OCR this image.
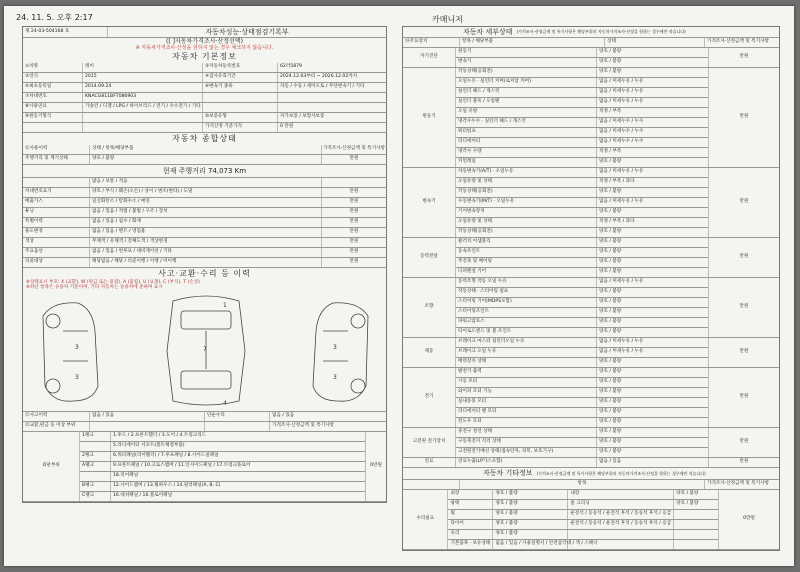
24. 11. 5. 오후 2:17	카매니저
제 24-03-504168 호	자동차성능·상태점검기록부
([ ]자동차가격조사·산정선택)
※ 자동차가격조사·산정을 원하지 않는 경우 체크하지 않습니다.
자동차 기본정보
①차명	레이	②자동차등록번호	62러5879
③연식	2015	④검사유효기간	2024.12.03부터 ~ 2026.12.02까지
⑤최초등록일	2014.09.24	⑥변속기 종류	자동 / 수동 / 세미오토 / 무단변속기 / 기타
⑦차대번호	KNACG811BFT086903
⑧사용연료	가솔린 / 디젤 / LPG / 하이브리드 / 전기 / 수소전기 / 기타
⑨원동기형식	⑩보증유형	자가보증 / 보험사보증
가격산정 기준가격	0 만원
자동차 종합상태
⑪사용이력	상태 / 항목/해당부품	가격조사·산정금액 및 특기사항
주행거리 및 계기상태	양호 / 불량	만원
현재 주행거리 74,073 Km
많음 / 보통 / 적음
차대번호표기	양호 / 부식 / 훼손(오손) / 상이 / 변조(변타) / 도말	만원
배출가스	일산화탄소 / 탄화수소 / 매연	만원
튜닝	없음 / 있음 / 적법 / 불법 / 구조 / 장치	만원
특별이력	없음 / 있음 / 침수 / 화재	만원
용도변경	없음 / 있음 / 렌트 / 영업용	만원
색상	무채색 / 유채색 / 전체도색 / 색상변경	만원
주요옵션	없음 / 있음 / 썬루프 / 네비게이션 / 기타	만원
리콜대상	해당없음 / 해당 / 리콜이행 / 이행 / 미이행	만원
사고·교환·수리 등 이력
※상태표시 부호: X (교환), W (판금 또는 용접), A (흠집), U (요철), C (부식), T (손상)
※하단 항목은 승용차 기준이며, 기타 자동차는 승용차에 준하여 표시
3
3
7
1
4
3
3
⑫사고이력	없음 / 있음	단순수리	없음 / 있음
⑬교환,판금 등 이상 부위	가격조사·산정금액 및 특기사항
외판부위
1랭크	1.후드 / 2.프론트휀더 / 3.도어 / 4.트렁크리드
5.라디에이터 서포트(볼트체결부품)
2랭크	6.쿼터패널(리어휀더) / 7.루프패널 / 8.사이드실패널
A랭크	9.프론트패널 / 10.크로스멤버 / 11.인사이드패널 / 17.트렁크플로어
18.리어패널
B랭크	12.사이드멤버 / 13.휠하우스 / 14.필러패널(A, B, C)
C랭크	16.대쉬패널 / 16.플로어패널
0만원
자동차 세부상태	(가격조사·산정금액 및 특기사항은 해당부위의 자동차가격조사·산정을 원하는 경우에만 적습니다)
⑭주요장치	항목 / 해당부품	상태	가격조사·산정금액 및 특기사항
자기진단
원동기	양호 / 불량
변속기	양호 / 불량
만원
원동기
작동상태(공회전)	양호 / 불량
오일누유 · 실린더 커버(로커암 커버)	없음 / 미세누유 / 누유
실린더 헤드 / 개스킷	없음 / 미세누유 / 누유
실린더 블록 / 오일팬	없음 / 미세누유 / 누유
오일 유량	적정 / 부족
냉각수누수 · 실린더 헤드 / 개스킷	없음 / 미세누수 / 누수
워터펌프	없음 / 미세누수 / 누수
라디에이터	없음 / 미세누수 / 누수
냉각수 수량	적정 / 부족
커먼레일	양호 / 불량
만원
변속기
자동변속기(A/T) · 오일누유	없음 / 미세누유 / 누유
오일유량 및 상태	적정 / 부족 / 과다
작동상태(공회전)	양호 / 불량
수동변속기(M/T) · 오일누유	없음 / 미세누유 / 누유
기어변속장치	양호 / 불량
오일유량 및 상태	적정 / 부족 / 과다
작동상태(공회전)	양호 / 불량
만원
동력전달
클러치 어셈블리	양호 / 불량
등속조인트	양호 / 불량
추진축 및 베어링	양호 / 불량
디퍼렌셜 기어	양호 / 불량
만원
조향
동력조향 작동 오일 누유	없음 / 미세누유 / 누유
작동상태 · 스티어링 펌프	양호 / 불량
스티어링 기어(MDPS포함)	양호 / 불량
스티어링조인트	양호 / 불량
파워고압호스	양호 / 불량
타이로드엔드 및 볼 조인트	양호 / 불량
만원
제동
브레이크 마스터 실린더오일 누유	없음 / 미세누유 / 누유
브레이크 오일 누유	없음 / 미세누유 / 누유
배력장치 상태	양호 / 불량
만원
전기
발전기 출력	양호 / 불량
시동 모터	양호 / 불량
와이퍼 모터 기능	양호 / 불량
실내송풍 모터	양호 / 불량
라디에이터 팬 모터	양호 / 불량
윈도우 모터	양호 / 불량
만원
고전원 전기장치
충전구 절연 상태	양호 / 불량
구동축전지 격리 상태	양호 / 불량
고전원전기배선 상태(접속단자, 피복, 보호기구)	양호 / 불량
만원
연료	연료누출(LP가스포함)	없음 / 있음	만원
자동차 기타정보	(가격조사·산정금액 및 특기사항은 해당부위의 자동차가격조사·산정을 원하는 경우에만 적습니다)
항목	가격조사·산정금액 및 특기사항
수리필요
외장	양호 / 불량	내장	양호 / 불량
광택	양호 / 불량	룸 크리닝	양호 / 불량
휠	양호 / 불량	운전석 / 동승석 / 운전석 후석 / 동승석 후석 / 응급
타이어	양호 / 불량	운전석 / 동승석 / 운전석 후석 / 동승석 후석 / 응급
유리	양호 / 불량
기본품목 · 보유상태	없음 / 있음 / 사용설명서 / 안전삼각대 / 잭 / 스패너
0만원
